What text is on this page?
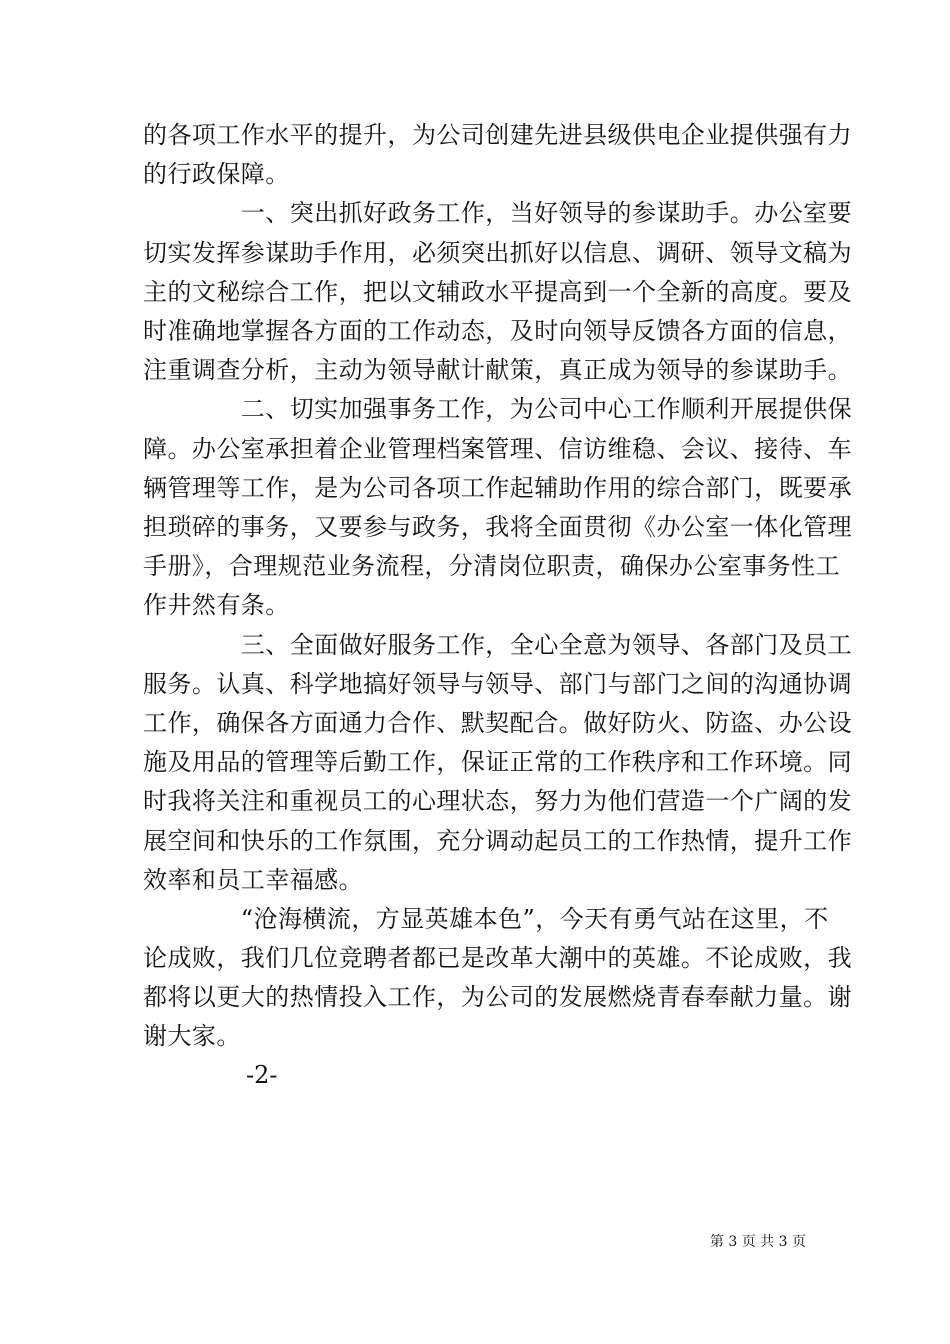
的各项工作水平的提升，为公司创建先进县级供电企业提供强有力
的行政保障。
　　　　一、突出抓好政务工作，当好领导的参谋助手。办公室要
切实发挥参谋助手作用，必须突出抓好以信息、调研、领导文稿为
主的文秘综合工作，把以文辅政水平提高到一个全新的高度。要及
时准确地掌握各方面的工作动态，及时向领导反馈各方面的信息，
注重调查分析，主动为领导献计献策，真正成为领导的参谋助手。
　　　　二、切实加强事务工作，为公司中心工作顺利开展提供保
障。办公室承担着企业管理档案管理、信访维稳、会议、接待、车
辆管理等工作，是为公司各项工作起辅助作用的综合部门，既要承
担琐碎的事务，又要参与政务，我将全面贯彻《办公室一体化管理
手册》，合理规范业务流程，分清岗位职责，确保办公室事务性工
作井然有条。
　　　　三、全面做好服务工作，全心全意为领导、各部门及员工
服务。认真、科学地搞好领导与领导、部门与部门之间的沟通协调
工作，确保各方面通力合作、默契配合。做好防火、防盗、办公设
施及用品的管理等后勤工作，保证正常的工作秩序和工作环境。同
时我将关注和重视员工的心理状态，努力为他们营造一个广阔的发
展空间和快乐的工作氛围，充分调动起员工的工作热情，提升工作
效率和员工幸福感。
　　　　“沧海横流，方显英雄本色”，今天有勇气站在这里，不
论成败，我们几位竞聘者都已是改革大潮中的英雄。不论成败，我
都将以更大的热情投入工作，为公司的发展燃烧青春奉献力量。谢
谢大家。
-2-
第 3 页 共 3 页
